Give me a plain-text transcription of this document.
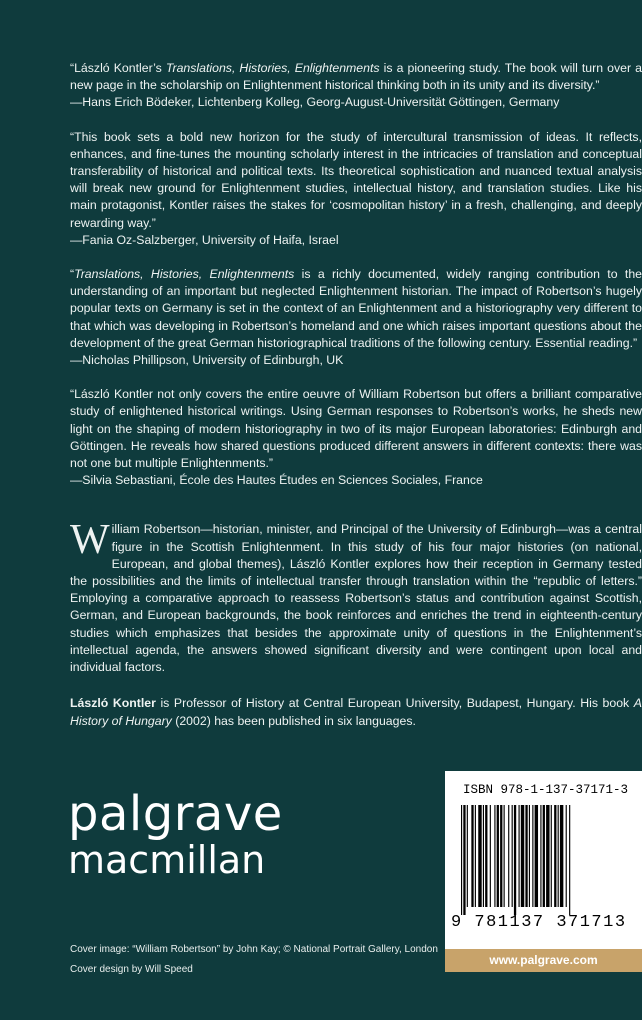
“László Kontler’s Translations, Histories, Enlightenments is a pioneering study. The book will turn over a new page in the scholarship on Enlightenment historical thinking both in its unity and its diversity.”

—Hans Erich Bödeker, Lichtenberg Kolleg, Georg-August-Universität Göttingen, Germany

“This book sets a bold new horizon for the study of intercultural transmission of ideas. It reflects, enhances, and fine-tunes the mounting scholarly interest in the intricacies of translation and conceptual transferability of historical and political texts. Its theoretical sophistication and nuanced textual analysis will break new ground for Enlightenment studies, intellectual history, and translation studies. Like his main protagonist, Kontler raises the stakes for ‘cosmopolitan history’ in a fresh, challenging, and deeply rewarding way.”

—Fania Oz-Salzberger, University of Haifa, Israel

“Translations, Histories, Enlightenments is a richly documented, widely ranging contribution to the understanding of an important but neglected Enlightenment historian. The impact of Robertson’s hugely popular texts on Germany is set in the context of an Enlightenment and a historiography very different to that which was developing in Robertson’s homeland and one which raises important questions about the development of the great German historiographical traditions of the following century. Essential reading.”

—Nicholas Phillipson, University of Edinburgh, UK

“László Kontler not only covers the entire oeuvre of William Robertson but offers a brilliant comparative study of enlightened historical writings. Using German responses to Robertson’s works, he sheds new light on the shaping of modern historiography in two of its major European laboratories: Edinburgh and Göttingen. He reveals how shared questions produced different answers in different contexts: there was not one but multiple Enlightenments.”

—Silvia Sebastiani, École des Hautes Études en Sciences Sociales, France

William Robertson—historian, minister, and Principal of the University of Edinburgh—was a central figure in the Scottish Enlightenment. In this study of his four major histories (on national, European, and global themes), László Kontler explores how their reception in Germany tested the possibilities and the limits of intellectual transfer through translation within the “republic of letters.” Employing a comparative approach to reassess Robertson’s status and contribution against Scottish, German, and European backgrounds, the book reinforces and enriches the trend in eighteenth-century studies which emphasizes that besides the approximate unity of questions in the Enlightenment’s intellectual agenda, the answers showed significant diversity and were contingent upon local and individual factors.
László Kontler is Professor of History at Central European University, Budapest, Hungary. His book A History of Hungary (2002) has been published in six languages.
palgrave
macmillan
Cover image: “William Robertson” by John Kay; © National Portrait Gallery, London
Cover design by Will Speed
ISBN 978-1-137-37171-3
9 781137 371713
www.palgrave.com
